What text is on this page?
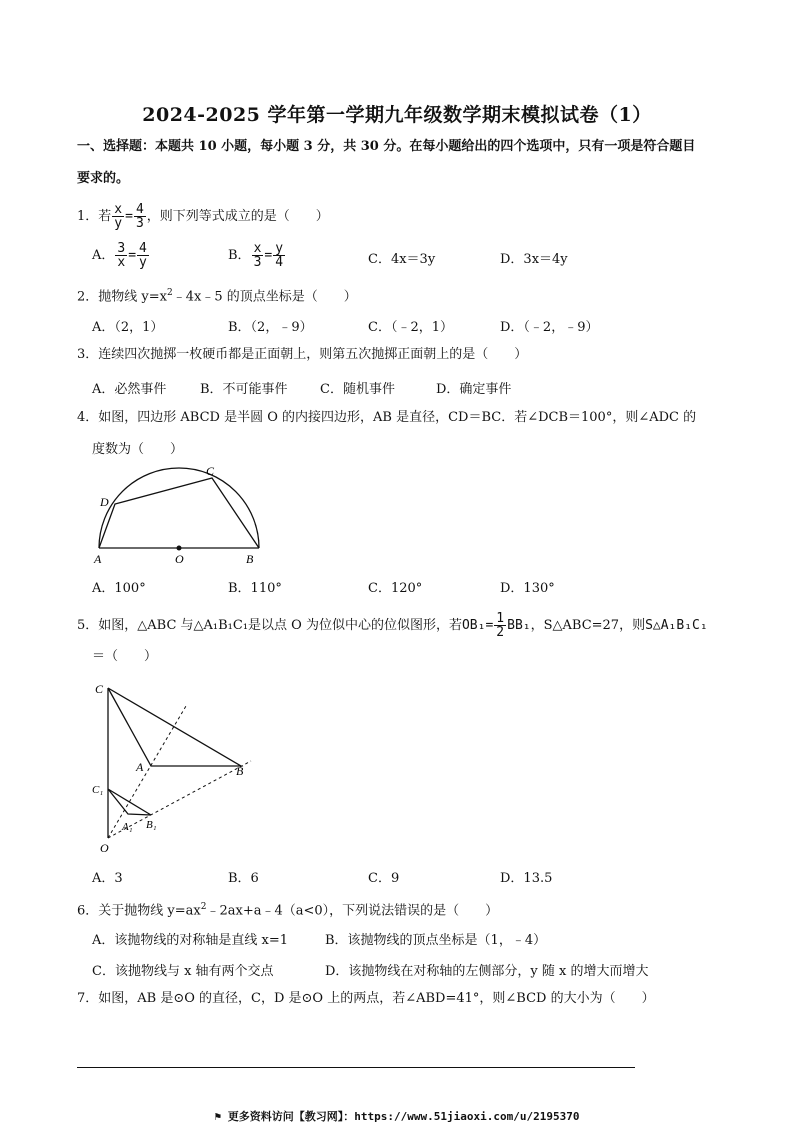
2024-2025 学年第一学期九年级数学期末模拟试卷（1）
一、选择题：本题共 10 小题，每小题 3 分，共 30 分。在每小题给出的四个选项中，只有一项是符合题目
要求的。
1．若 $\frac{x}{y} = \frac{4}{3}$ ，则下列等式成立的是（　　）
A． $\frac{3}{x} = \frac{4}{y}$	B． $\frac{x}{3} = \frac{y}{4}$	C．4x＝3y	D．3x＝4y
2．抛物线 $y=x^2﹣4x﹣5$ 的顶点坐标是（　　）
A．（2，1）	B．（2，﹣9）	C．（﹣2，1）	D．（﹣2，﹣9）
3．连续四次抛掷一枚硬币都是正面朝上，则第五次抛掷正面朝上的是（　　）
A．必然事件	B．不可能事件 C．随机事件	D．确定事件
4．如图，四边形 ABCD 是半圆 O 的内接四边形，AB 是直径，CD＝BC．若∠DCB＝100°，则∠ADC 的
度数为（　　）
A	B
C
D
O
A．100°	B．110°	C．120°	D．130°
5．如图，△ABC 与△A₁B₁C₁是以点 O 为位似中心的位似图形，若$OB_1= \frac{1}{2} BB_1$，S△ABC=27，则S△A₁B₁C₁
＝（　　）
C
A	B
C₁
A₁ B₁
O
A．3	B．6	C．9	D．13.5
6．关于抛物线 $y=ax^2﹣2ax+a﹣4(a<0)$，下列说法错误的是（　　）
A．该抛物线的对称轴是直线 x=1	B．该抛物线的顶点坐标是（1，﹣4）
C．该抛物线与 x 轴有两个交点	D．该抛物线在对称轴的左侧部分，y 随 x 的增大而增大
7．如图，AB 是⊙O 的直径，C，D 是⊙O 上的两点，若∠ABD=41°，则∠BCD 的大小为（　　）
⚑ 更多资料访问【教习网】：https://www.51jiaoxi.com/u/2195370
